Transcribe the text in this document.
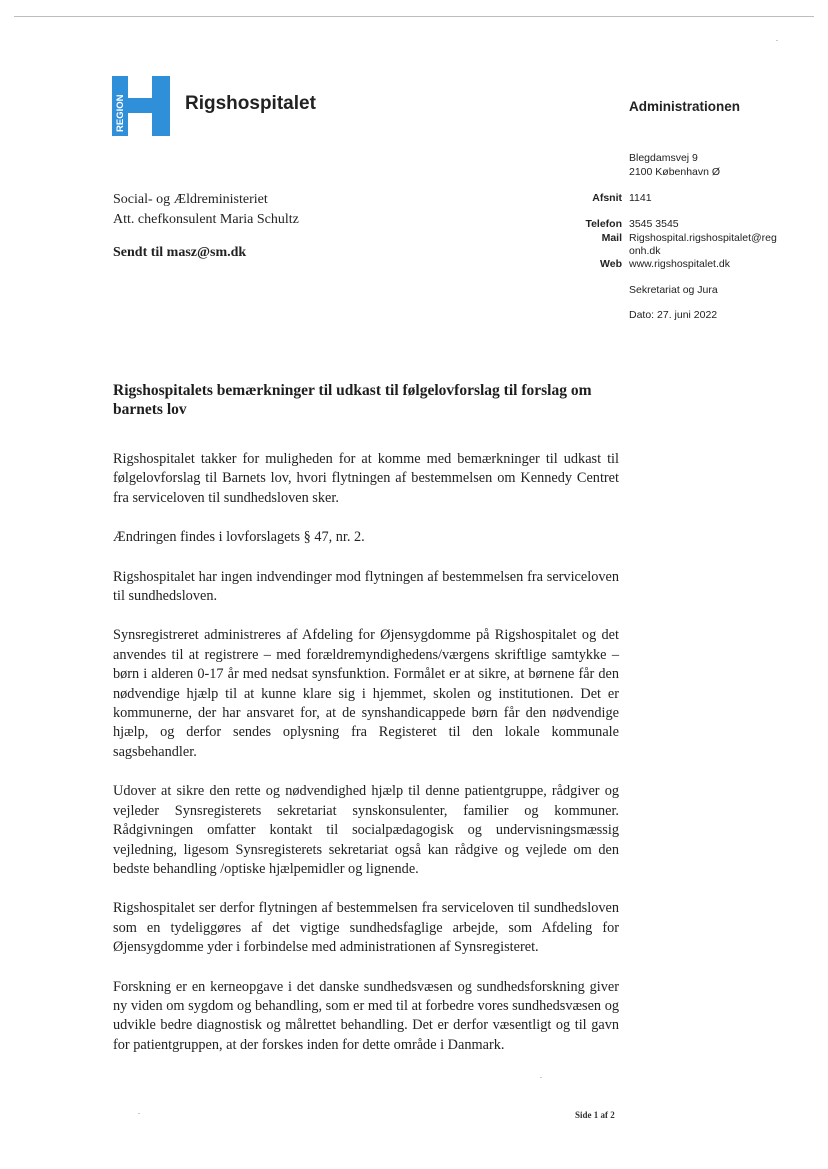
REGION	Rigshospitalet	Administrationen
Blegdamsvej 9
2100 København Ø
Afsnit 1141
Telefon 3545 3545
Mail Rigshospital.rigshospitalet@reg
onh.dk
Web www.rigshospitalet.dk
Sekretariat og Jura
Dato: 27. juni 2022
Social- og Ældreministeriet
Att. chefkonsulent Maria Schultz
Sendt til masz@sm.dk
Rigshospitalets bemærkninger til udkast til følgelovforslag til forslag om barnets lov

Rigshospitalet takker for muligheden for at komme med bemærkninger til udkast til følgelovforslag til Barnets lov, hvori flytningen af bestemmelsen om Kennedy Centret fra serviceloven til sundhedsloven sker.

Ændringen findes i lovforslagets § 47, nr. 2.

Rigshospitalet har ingen indvendinger mod flytningen af bestemmelsen fra serviceloven til sundhedsloven.

Synsregistreret administreres af Afdeling for Øjensygdomme på Rigshospitalet og det anvendes til at registrere – med forældremyndighedens/værgens skriftlige samtykke – børn i alderen 0-17 år med nedsat synsfunktion. Formålet er at sikre, at børnene får den nødvendige hjælp til at kunne klare sig i hjemmet, skolen og institutionen. Det er kommunerne, der har ansvaret for, at de synshandicappede børn får den nødvendige hjælp, og derfor sendes oplysning fra Registeret til den lokale kommunale sagsbehandler.

Udover at sikre den rette og nødvendighed hjælp til denne patientgruppe, rådgiver og vejleder Synsregisterets sekretariat synskonsulenter, familier og kommuner. Rådgivningen omfatter kontakt til socialpædagogisk og undervisningsmæssig vejledning, ligesom Synsregisterets sekretariat også kan rådgive og vejlede om den bedste behandling /optiske hjælpemidler og lignende.

Rigshospitalet ser derfor flytningen af bestemmelsen fra serviceloven til sundhedsloven som en tydeliggøres af det vigtige sundhedsfaglige arbejde, som Afdeling for Øjensygdomme yder i forbindelse med administrationen af Synsregisteret.

Forskning er en kerneopgave i det danske sundhedsvæsen og sundhedsforskning giver ny viden om sygdom og behandling, som er med til at forbedre vores sundhedsvæsen og udvikle bedre diagnostisk og målrettet behandling. Det er derfor væsentligt og til gavn for patientgruppen, at der forskes inden for dette område i Danmark.

Side 1 af 2
